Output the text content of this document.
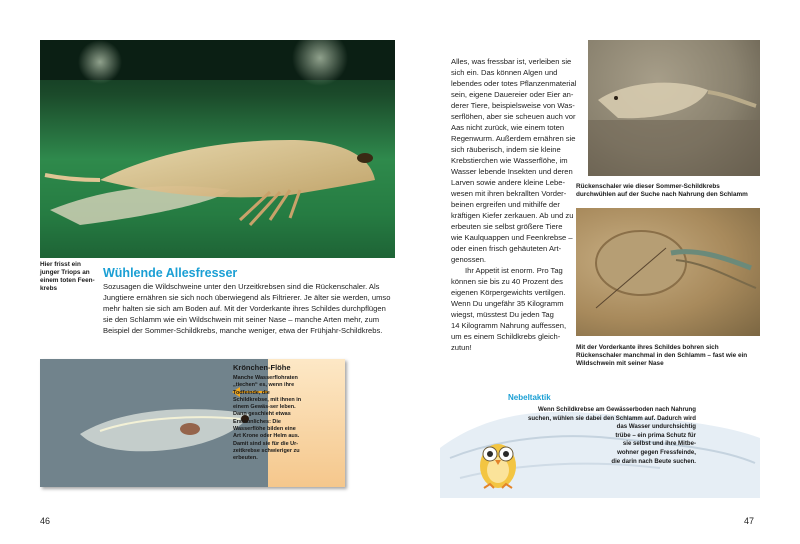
Hier frisst ein junger Triops an einem toten Feen-krebs
Wühlende Allesfresser
Sozusagen die Wildschweine unter den Urzeitkrebsen sind die Rückenschaler. Als Jungtiere ernähren sie sich noch überwiegend als Filtrierer. Je älter sie werden, umso mehr halten sie sich am Boden auf. Mit der Vorderkante ihres Schildes durchpflügen sie den Schlamm wie ein Wildschwein mit seiner Nase – manche Arten mehr, zum Beispiel der Sommer-Schildkrebs, manche weniger, etwa der Frühjahr-Schildkrebs.
Krönchen-Flöhe
Manche Wasserflohraten „tiechen“ es, wenn ihre Todfeinde, die Schildkrebse, mit ihnen in einem Gewäs-ser leben. Dann geschieht etwas Erstaunliches: Die Wasserflöhe bilden eine Art Krone oder Helm aus. Damit sind sie für die Ur-zeitkrebse schwieriger zu erbeuten.
46
Alles, was fressbar ist, verleiben sie
sich ein. Das können Algen und
lebendes oder totes Pflanzenmaterial
sein, eigene Dauereier oder Eier an-
derer Tiere, beispielsweise von Was-
serflöhen, aber sie scheuen auch vor
Aas nicht zurück, wie einem toten
Regenwurm. Außerdem ernähren sie
sich räuberisch, indem sie kleine
Krebstierchen wie Wasserflöhe, im
Wasser lebende Insekten und deren
Larven sowie andere kleine Lebe-
wesen mit ihren bekrallten Vorder-
beinen ergreifen und mithilfe der
kräftigen Kiefer zerkauen. Ab und zu
erbeuten sie selbst größere Tiere
wie Kaulquappen und Feenkrebse –
oder einen frisch gehäuteten Art-
genossen.
Ihr Appetit ist enorm. Pro Tag
können sie bis zu 40 Prozent des
eigenen Körpergewichts vertilgen.
Wenn Du ungefähr 35 Kilogramm
wiegst, müsstest Du jeden Tag
14 Kilogramm Nahrung auffessen,
um es einem Schildkrebs gleich-
zutun!
Rückenschaler wie dieser Sommer-Schildkrebs durchwühlen auf der Suche nach Nahrung den Schlamm
Mit der Vorderkante ihres Schildes bohren sich Rückenschaler manchmal in den Schlamm – fast wie ein Wildschwein mit seiner Nase
Nebeltaktik
Wenn Schildkrebse am Gewässerboden nach Nahrung
suchen, wühlen sie dabei den Schlamm auf. Dadurch wird
das Wasser undurchsichtig
trübe – ein prima Schutz für
sie selbst und ihre Mitbe-
wohner gegen Fressfeinde,
die darin nach Beute suchen.
47
